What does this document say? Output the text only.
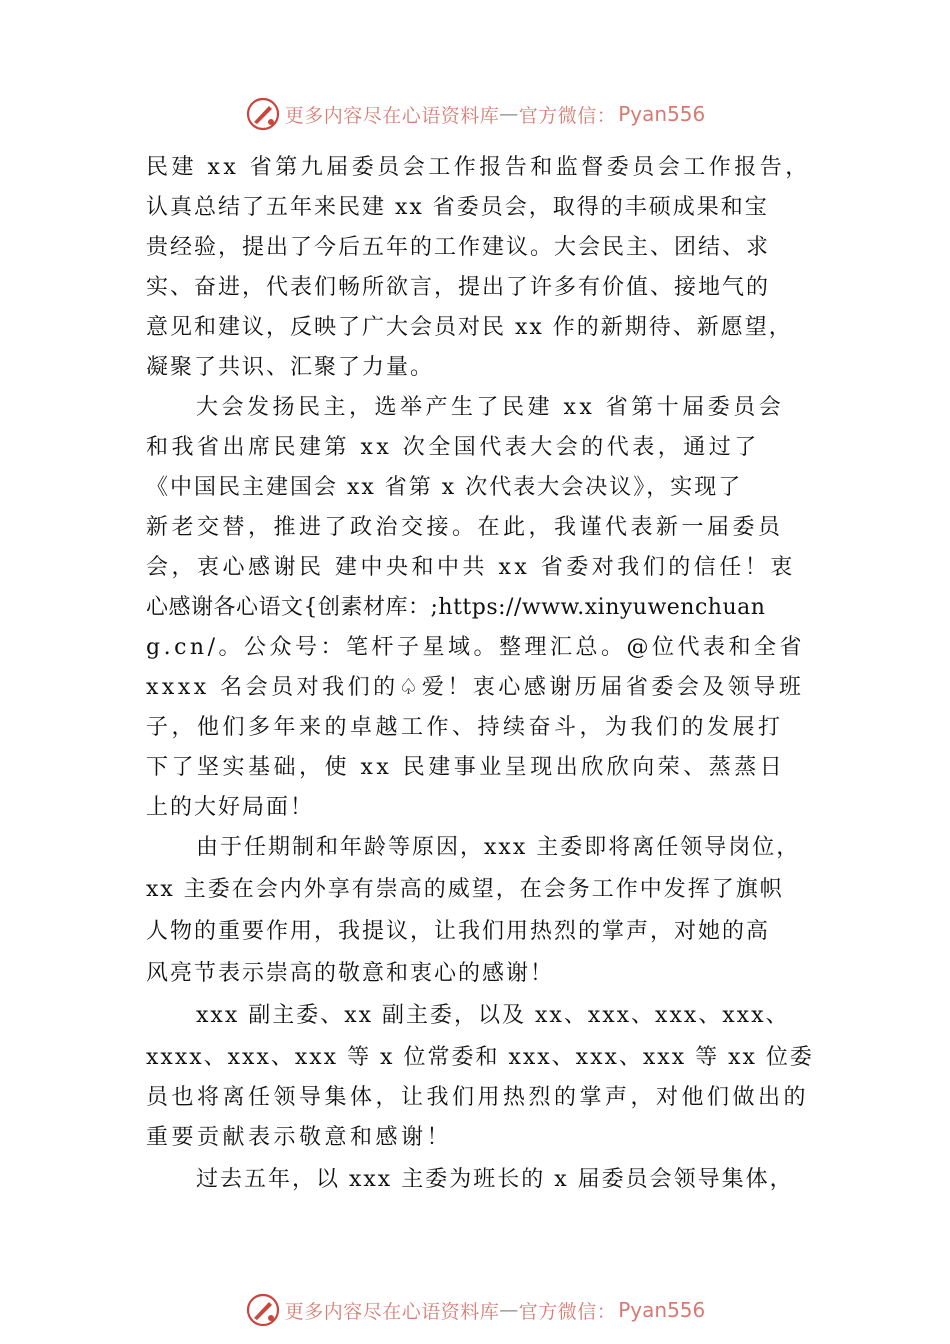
更多内容尽在心语资料库 — 官方微信： Pyan556
民建 xx 省第九届委员会工作报告和监督委员会工作报告，
认真总结了五年来民建 xx 省委员会，取得的丰硕成果和宝
贵经验，提出了今后五年的工作建议。大会民主、团结、求
实、奋进，代表们畅所欲言，提出了许多有价值、接地气的
意见和建议，反映了广大会员对民 xx 作的新期待、新愿望，
凝聚了共识、汇聚了力量。
大会发扬民主，选举产生了民建 xx 省第十届委员会
和我省出席民建第 xx 次全国代表大会的代表，通过了
《中国民主建国会 xx 省第 x 次代表大会决议》，实现了
新老交替，推进了政治交接。在此，我谨代表新一届委员
会，衷心感谢民 建中央和中共 xx 省委对我们的信任！衷
心感谢各心语文{创素材库：;https://www.xinyuwenchuan
g.cn/。公众号：笔杆子星域。整理汇总。@位代表和全省
xxxx 名会员对我们的♤爱！衷心感谢历届省委会及领导班
子，他们多年来的卓越工作、持续奋斗，为我们的发展打
下了坚实基础，使 xx 民建事业呈现出欣欣向荣、蒸蒸日
上的大好局面！
由于任期制和年龄等原因，xxx 主委即将离任领导岗位，
xx 主委在会内外享有崇高的威望，在会务工作中发挥了旗帜
人物的重要作用，我提议，让我们用热烈的掌声，对她的高
风亮节表示崇高的敬意和衷心的感谢！
xxx 副主委、xx 副主委，以及 xx、xxx、xxx、xxx、
xxxx、xxx、xxx 等 x 位常委和 xxx、xxx、xxx 等 xx 位委
员也将离任领导集体，让我们用热烈的掌声，对他们做出的
重要贡献表示敬意和感谢！
过去五年，以 xxx 主委为班长的 x 届委员会领导集体，
更多内容尽在心语资料库 — 官方微信： Pyan556
